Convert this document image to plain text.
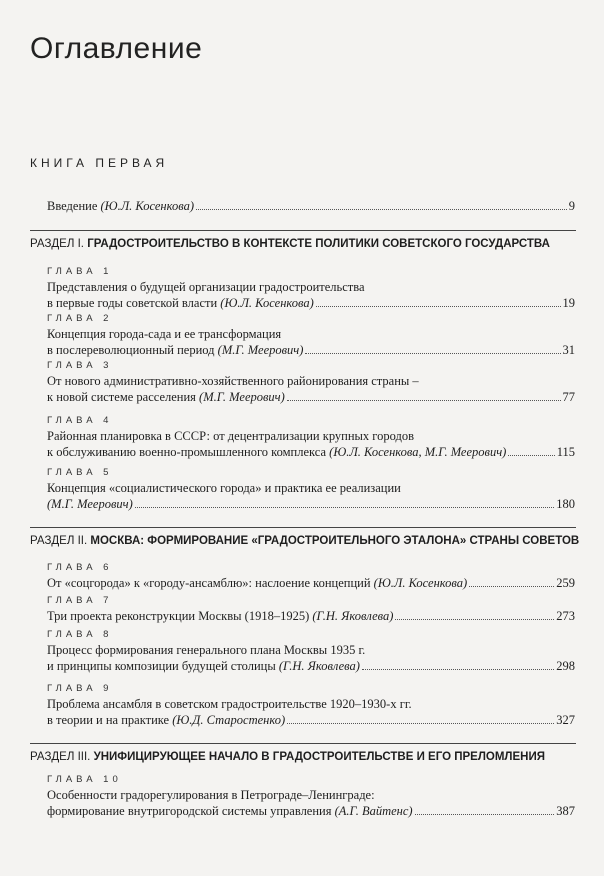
Оглавление
КНИГА ПЕРВАЯ
Введение (Ю.Л. Косенкова)	9
РАЗДЕЛ I. ГРАДОСТРОИТЕЛЬСТВО В КОНТЕКСТЕ ПОЛИТИКИ СОВЕТСКОГО ГОСУДАРСТВА
ГЛАВА 1
Представления о будущей организации градостроительства
в первые годы советской власти (Ю.Л. Косенкова)	19
ГЛАВА 2
Концепция города-сада и ее трансформация
в послереволюционный период (М.Г. Меерович)	31
ГЛАВА 3
От нового административно-хозяйственного районирования страны –
к новой системе расселения (М.Г. Меерович)	77
ГЛАВА 4
Районная планировка в СССР: от децентрализации крупных городов
к обслуживанию военно-промышленного комплекса (Ю.Л. Косенкова, М.Г. Меерович)	115
ГЛАВА 5
Концепция «социалистического города» и практика ее реализации
(М.Г. Меерович)	180
РАЗДЕЛ II. МОСКВА: ФОРМИРОВАНИЕ «ГРАДОСТРОИТЕЛЬНОГО ЭТАЛОНА» СТРАНЫ СОВЕТОВ
ГЛАВА 6
От «соцгорода» к «городу-ансамблю»: наслоение концепций (Ю.Л. Косенкова)	259
ГЛАВА 7
Три проекта реконструкции Москвы (1918–1925) (Г.Н. Яковлева)	273
ГЛАВА 8
Процесс формирования генерального плана Москвы 1935 г.
и принципы композиции будущей столицы (Г.Н. Яковлева)	298
ГЛАВА 9
Проблема ансамбля в советском градостроительстве 1920–1930-х гг.
в теории и на практике (Ю.Д. Старостенко)	327
РАЗДЕЛ III. УНИФИЦИРУЮЩЕЕ НАЧАЛО В ГРАДОСТРОИТЕЛЬСТВЕ И ЕГО ПРЕЛОМЛЕНИЯ
ГЛАВА 10
Особенности градорегулирования в Петрограде–Ленинграде:
формирование внутригородской системы управления (А.Г. Вайтенс)	387
